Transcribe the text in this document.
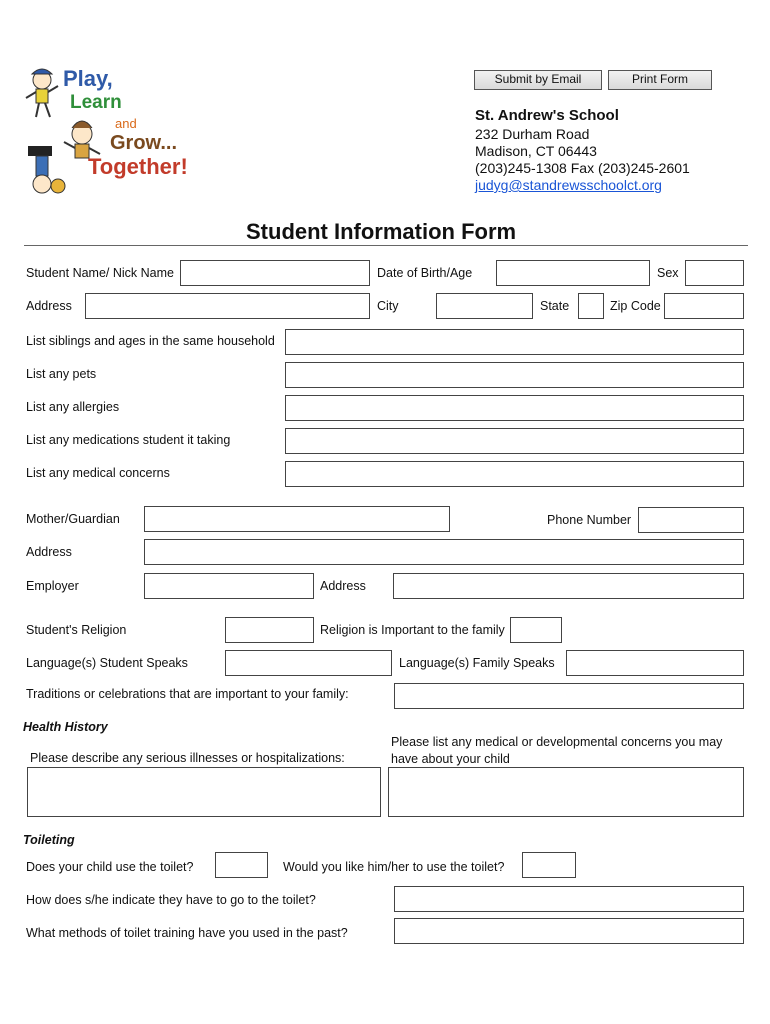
Play,
Learn
and
Grow...
Together!
Submit by Email	Print Form
St. Andrew's School
232 Durham Road
Madison, CT 06443
(203)245-1308 Fax (203)245-2601
judyg@standrewsschoolct.org
Student Information Form
Student Name/ Nick Name	Date of Birth/Age	Sex
Address	City	State	Zip Code
List siblings and ages in the same household
List any pets
List any allergies
List any medications student it taking
List any medical concerns
Mother/Guardian	Phone Number
Address
Employer	Address
Student's Religion	Religion is Important to the family
Language(s) Student Speaks	Language(s) Family Speaks
Traditions or celebrations that are important to your family:
Health History
Please describe any serious illnesses or hospitalizations:
Please list any medical or developmental concerns you may have about your child
Toileting
Does your child use the toilet?	Would you like him/her to use the toilet?
How does s/he indicate they have to go to the toilet?
What methods of toilet training have you used in the past?
